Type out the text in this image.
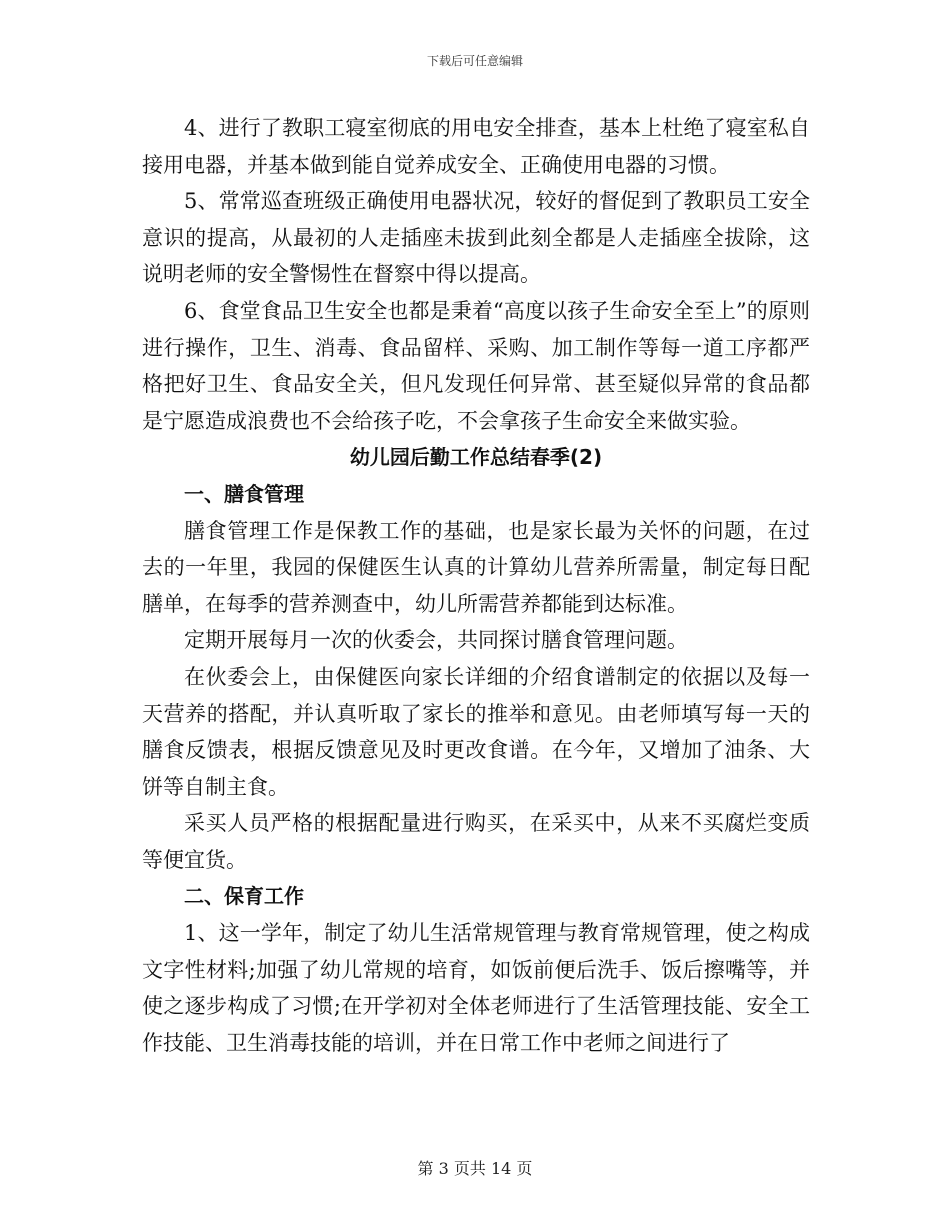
下载后可任意编辑

4、进行了教职工寝室彻底的用电安全排查，基本上杜绝了寝室私自接用电器，并基本做到能自觉养成安全、正确使用电器的习惯。

5、常常巡查班级正确使用电器状况，较好的督促到了教职员工安全意识的提高，从最初的人走插座未拔到此刻全都是人走插座全拔除，这说明老师的安全警惕性在督察中得以提高。

6、食堂食品卫生安全也都是秉着“高度以孩子生命安全至上”的原则进行操作，卫生、消毒、食品留样、采购、加工制作等每一道工序都严格把好卫生、食品安全关，但凡发现任何异常、甚至疑似异常的食品都是宁愿造成浪费也不会给孩子吃，不会拿孩子生命安全来做实验。

幼儿园后勤工作总结春季(2)

一、膳食管理

膳食管理工作是保教工作的基础，也是家长最为关怀的问题，在过去的一年里，我园的保健医生认真的计算幼儿营养所需量，制定每日配膳单，在每季的营养测查中，幼儿所需营养都能到达标准。

定期开展每月一次的伙委会，共同探讨膳食管理问题。

在伙委会上，由保健医向家长详细的介绍食谱制定的依据以及每一天营养的搭配，并认真听取了家长的推举和意见。由老师填写每一天的膳食反馈表，根据反馈意见及时更改食谱。在今年，又增加了油条、大饼等自制主食。

采买人员严格的根据配量进行购买，在采买中，从来不买腐烂变质等便宜货。

二、保育工作

1、这一学年，制定了幼儿生活常规管理与教育常规管理，使之构成文字性材料;加强了幼儿常规的培育，如饭前便后洗手、饭后擦嘴等，并使之逐步构成了习惯;在开学初对全体老师进行了生活管理技能、安全工作技能、卫生消毒技能的培训，并在日常工作中老师之间进行了

第 3 页共 14 页
